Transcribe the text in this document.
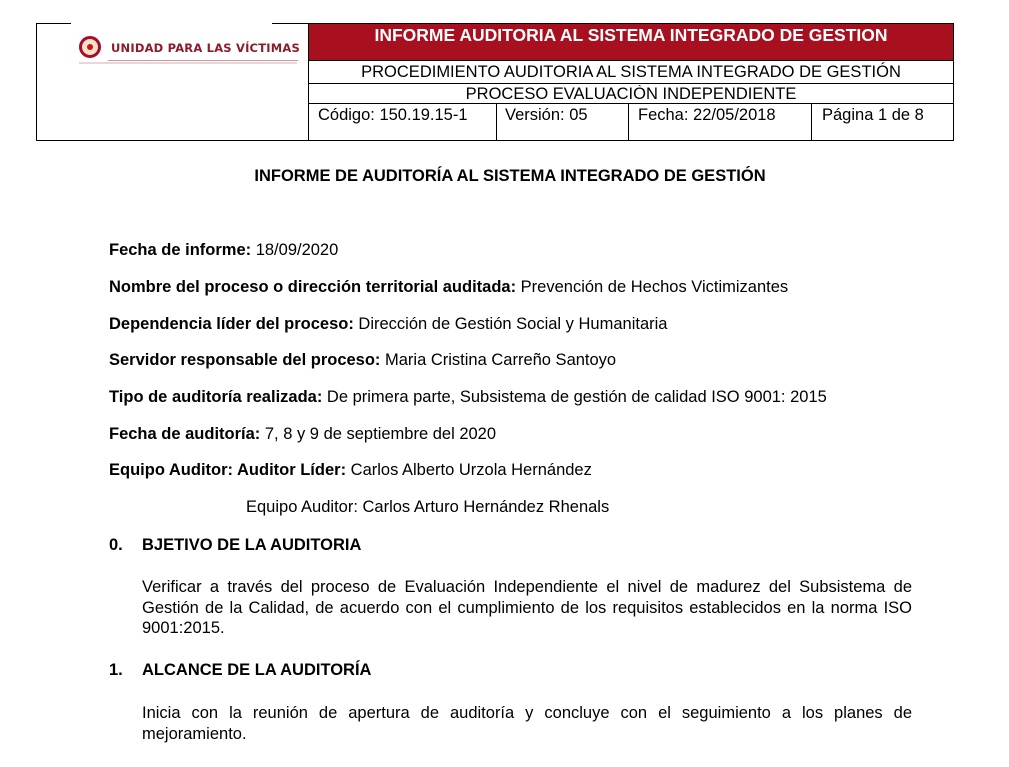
UNIDAD PARA LAS VÍCTIMAS
INFORME AUDITORIA AL SISTEMA INTEGRADO DE GESTION
PROCEDIMIENTO AUDITORIA AL SISTEMA INTEGRADO DE GESTIÓN
PROCESO EVALUACIÒN INDEPENDIENTE
Código: 150.19.15-1 Versión: 05	Fecha: 22/05/2018	Página 1 de 8
INFORME DE AUDITORÍA AL SISTEMA INTEGRADO DE GESTIÓN
Fecha de informe: 18/09/2020
Nombre del proceso o dirección territorial auditada: Prevención de Hechos Victimizantes
Dependencia líder del proceso: Dirección de Gestión Social y Humanitaria
Servidor responsable del proceso: Maria Cristina Carreño Santoyo
Tipo de auditoría realizada: De primera parte, Subsistema de gestión de calidad ISO 9001: 2015
Fecha de auditoría: 7, 8 y 9 de septiembre del 2020
Equipo Auditor: Auditor Líder: Carlos Alberto Urzola Hernández
Equipo Auditor: Carlos Arturo Hernández Rhenals
0. BJETIVO DE LA AUDITORIA
Verificar a través del proceso de Evaluación Independiente el nivel de madurez del Subsistema de Gestión de la Calidad, de acuerdo con el cumplimiento de los requisitos establecidos en la norma ISO 9001:2015.
1. ALCANCE DE LA AUDITORÍA
Inicia con la reunión de apertura de auditoría y concluye con el seguimiento a los planes de mejoramiento.
